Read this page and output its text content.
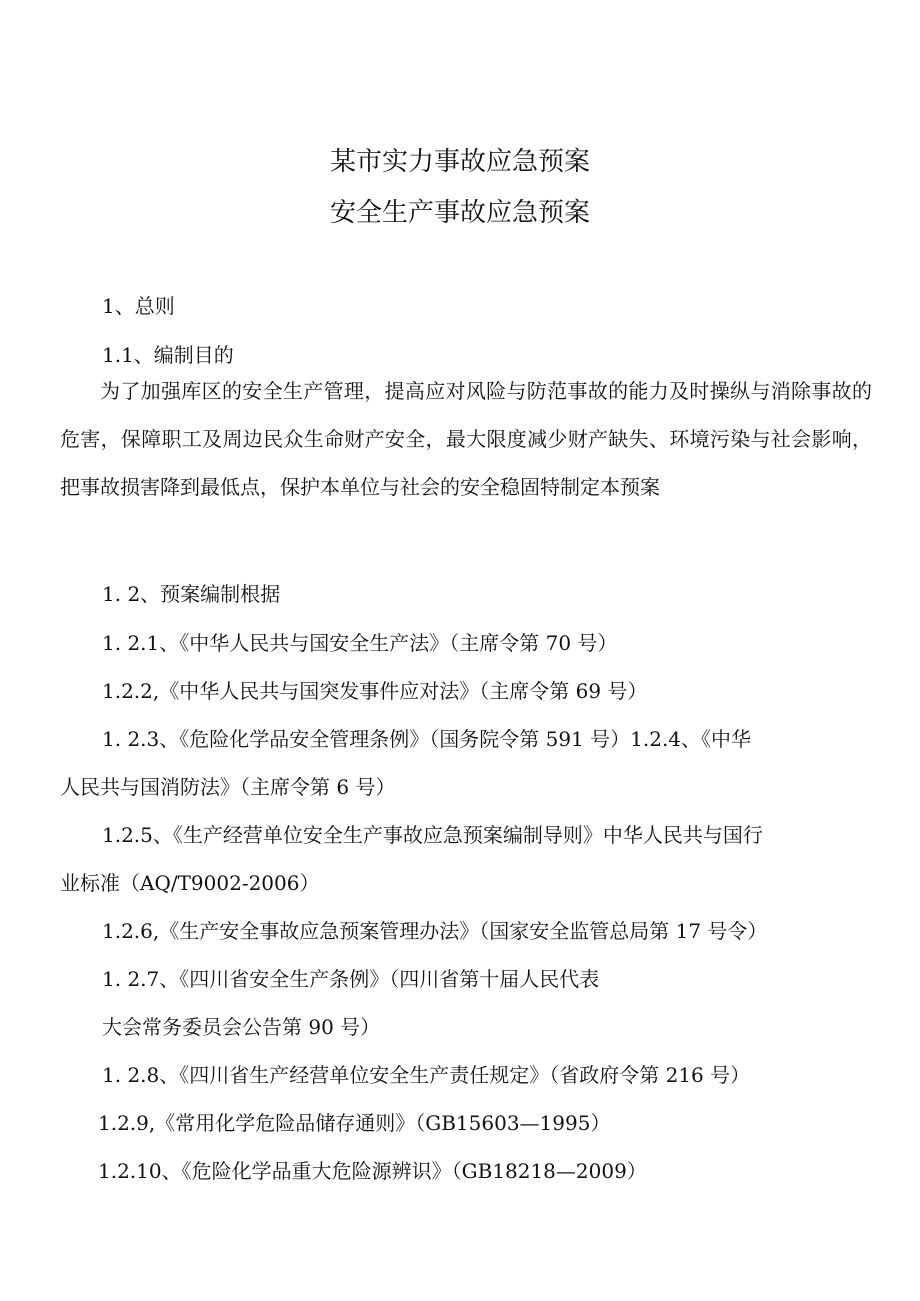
某市实力事故应急预案
安全生产事故应急预案
1、总则
1.1、编制目的
为了加强库区的安全生产管理，提高应对风险与防范事故的能力及时操纵与消除事故的危害，保障职工及周边民众生命财产安全，最大限度减少财产缺失、环境污染与社会影响，把事故损害降到最低点，保护本单位与社会的安全稳固特制定本预案
1. 2、预案编制根据
1. 2.1、《中华人民共与国安全生产法》（主席令第 70 号）
1.2.2,《中华人民共与国突发事件应对法》（主席令第 69 号）
1. 2.3、《危险化学品安全管理条例》（国务院令第 591 号）1.2.4、《中华
人民共与国消防法》（主席令第 6 号）
1.2.5、《生产经营单位安全生产事故应急预案编制导则》中华人民共与国行
业标准（AQ/T9002-2006）
1.2.6,《生产安全事故应急预案管理办法》（国家安全监管总局第 17 号令）
1. 2.7、《四川省安全生产条例》（四川省第十届人民代表
大会常务委员会公告第 90 号）
1. 2.8、《四川省生产经营单位安全生产责任规定》（省政府令第 216 号）
1.2.9,《常用化学危险品储存通则》（GB15603—1995）
1.2.10、《危险化学品重大危险源辨识》（GB18218—2009）
